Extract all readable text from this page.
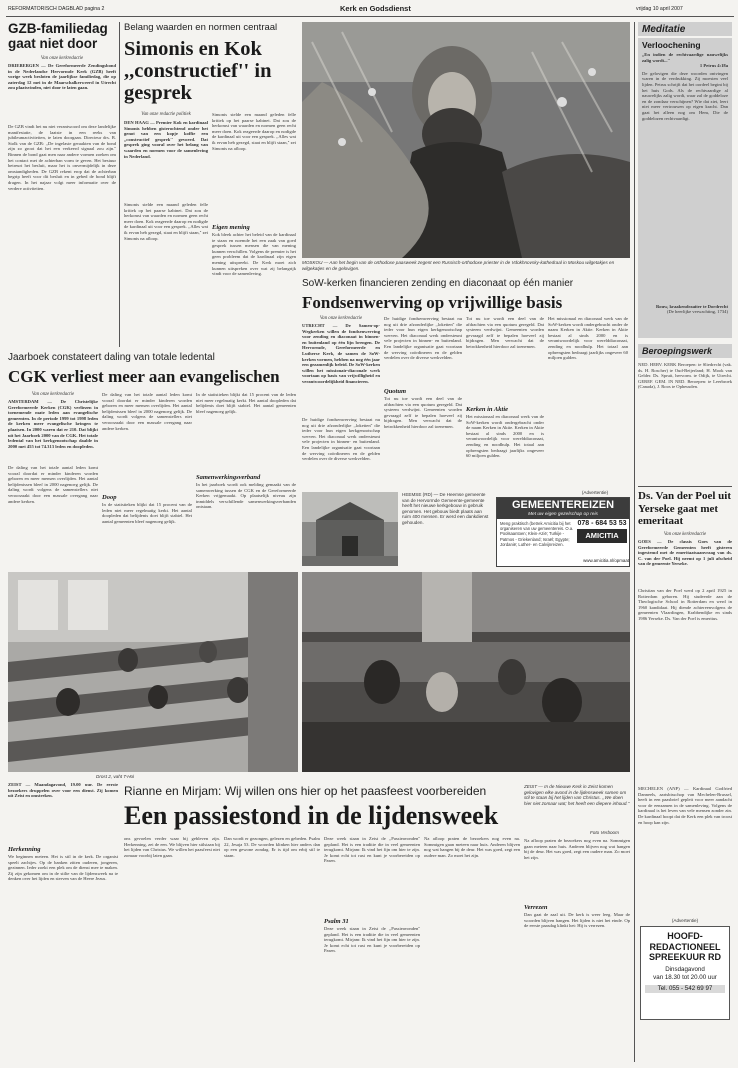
REFORMATORISCH DAGBLAD pagina 2	Kerk en Godsdienst	vrijdag 10 april 2007
GZB-familiedag gaat niet door
Van onze kerkredactie
DRIEBERGEN — De Gereformeerde Zendingsbond in de Nederlandse Hervormde Kerk (GZB) heeft vorige week besloten de jaarlijkse familiedag, die op zaterdag 12 mei in de Maarschalkerweerd in Utrecht zou plaatsvinden, niet door te laten gaan.
De GZB vindt het nu niet verantwoord om deze landelijke manifestatie, de laatste in een reeks van jubileumactiviteiten, te laten doorgaan. Directeur drs. B. Stolk van de GZB: ,,De ingelaste geraakten van de bond zijn zo groot dat het een verkeerd signaal zou zijn.'' Binnen de bond gaat men naar andere vormen zoeken om het contact met de achterban vorm te geven. Het bestuur betreurt het besluit, maar het is onvermijdelijk in deze omstandigheden. De GZB rekent erop dat de achterban begrip heeft voor dit besluit en in gebed de bond blijft dragen. In het najaar volgt meer informatie over de verdere activiteiten.
Belang waarden en normen centraal
Simonis en Kok ,,constructief'' in gesprek
Van onze redactie politiek
DEN HAAG — Premier Kok en kardinaal Simonis hebben gisterochtend onder het genot van een kopje koffie een ,,constructief gesprek'' gevoerd. Dat gesprek ging vooral over het belang van waarden en normen voor de samenleving in Nederland.
Simonis stelde een maand geleden felle kritiek op het paarse kabinet. Dat zou de herkomst van waarden en normen geen recht meer doen. Kok reageerde daarop en nodigde de kardinaal uit voor een gesprek. ,,Alles wat ik ervan heb gezegd, staat en blijft staan,'' zei Simonis na afloop.
Simonis stelde een maand geleden felle kritiek op het paarse kabinet. Dat zou de herkomst van waarden en normen geen recht meer doen. Kok reageerde daarop en nodigde de kardinaal uit voor een gesprek. ,,Alles wat ik ervan heb gezegd, staat en blijft staan,'' zei Simonis na afloop.
Eigen mening
Kok bleek achter het beleid van de kardinaal te staan en noemde het een zaak van goed gesprek tussen mensen die van mening kunnen verschillen. Volgens de premier is het geen probleem dat de kardinaal zijn eigen mening uitspreekt. De Kerk moet zich kunnen uitspreken over wat zij belangrijk vindt voor de samenleving.
MOSKOU — Aan het begin van de orthodoxe paasweek zegent een Russisch-orthodoxe priester in de Vdokhnovsky-kathedraal in Moskou wilgetakjes en wilgekatjes en de gelovigen.
SoW-kerken financieren zending en diaconaat op één manier
Fondsenwerving op vrijwillige basis
Van onze kerkredactie
UTRECHT — De Samen-op-Wegkerken willen de fondsenwerving voor zending en diaconaat in binnen- en buitenland op één lijn brengen. De Hervormde, Gereformeerde en Lutherse Kerk, de samen de SoW-kerken vormen, hebben na nog één jaar een gezamenlijk beleid. De SoW-kerken willen het missionair-diaconale werk voortaan op basis van vrijwilligheid en verantwoordelijkheid financieren.
De huidige fondsenwerving bestaat nu nog uit drie afzonderlijke ,,loketten'' die ieder voor hun eigen kerkgenootschap werven. Het diaconaal werk ondersteunt vele projecten in binnen- en buitenland. Een landelijke organisatie gaat voortaan de werving coördineren en de gelden verdelen over de diverse werkvelden.
De huidige fondsenwerving bestaat nu nog uit drie afzonderlijke ,,loketten'' die ieder voor hun eigen kerkgenootschap werven. Het diaconaal werk ondersteunt vele projecten in binnen- en buitenland. Een landelijke organisatie gaat voortaan de werving coördineren en de gelden verdelen over de diverse werkvelden.
Quotum
Tot nu toe wordt een deel van de afdrachten via een quotum geregeld. Dat systeem verdwijnt. Gemeenten worden gevraagd zelf te bepalen hoeveel zij bijdragen. Men verwacht dat de betrokkenheid hierdoor zal toenemen.
Tot nu toe wordt een deel van de afdrachten via een quotum geregeld. Dat systeem verdwijnt. Gemeenten worden gevraagd zelf te bepalen hoeveel zij bijdragen. Men verwacht dat de betrokkenheid hierdoor zal toenemen.
Kerken in Aktie
Het missionaal en diaconaal werk van de SoW-kerken wordt ondergebracht onder de naam Kerken in Aktie. Kerken in Aktie bestaat al sinds 2000 en is verantwoordelijk voor werelddiaconaat, zending en noodhulp. Het totaal aan opbrengsten bedraagt jaarlijks ongeveer 60 miljoen gulden.
Het missionaal en diaconaal werk van de SoW-kerken wordt ondergebracht onder de naam Kerken in Aktie. Kerken in Aktie bestaat al sinds 2000 en is verantwoordelijk voor werelddiaconaat, zending en noodhulp. Het totaal aan opbrengsten bedraagt jaarlijks ongeveer 60 miljoen gulden.
Jaarboek constateert daling van totale ledental
CGK verliest meer aan evangelischen
Van onze kerkredactie
AMSTERDAM — De Christelijke Gereformeerde Kerken (CGK) verliezen in toenemende mate leden aan evangelische gemeenten. In de periode 1999 tot 1998 leden de kerken meer evangelische kringen te plaatsen. In 2000 waren dat er 210. Dat blijkt uit het Jaarboek 2000 van de CGK. Het totale ledental van het kerkgenootschap daalde in 2000 met 455 tot 74.313 leden en doopleden.
De daling van het totale aantal leden komt vooral doordat er minder kinderen worden geboren en meer mensen overlijden. Het aantal belijdenissen bleef in 2000 nagenoeg gelijk. De daling wordt volgens de samenstellers niet veroorzaakt door een massale overgang naar andere kerken.
De daling van het totale aantal leden komt vooral doordat er minder kinderen worden geboren en meer mensen overlijden. Het aantal belijdenissen bleef in 2000 nagenoeg gelijk. De daling wordt volgens de samenstellers niet veroorzaakt door een massale overgang naar andere kerken.
Doop
In de statistieken blijkt dat 15 procent van de leden niet meer regelmatig kerkt. Het aantal doopleden dat belijdenis doet blijft stabiel. Het aantal gemeenten bleef nagenoeg gelijk.
In de statistieken blijkt dat 15 procent van de leden niet meer regelmatig kerkt. Het aantal doopleden dat belijdenis doet blijft stabiel. Het aantal gemeenten bleef nagenoeg gelijk.
Samenwerkingsverband
In het jaarboek wordt ook melding gemaakt van de samenwerking tussen de CGK en de Gereformeerde Kerken vrijgemaakt. Op plaatselijk niveau zijn inmiddels verschillende samenwerkingsverbanden ontstaan.
HEEMSE (RD) — De Heemse gemeente van de Hervormde Gemeente-gemeente heeft het nieuwe kerkgebouw in gebruik genomen. Het gebouw biedt plaats aan ruim 400 mensen. Er werd een dankdienst gehouden.
(Advertentie)
GEMEENTEREIZEN
Met uw eigen gezelschap op reis
Meng praktisch (betrek Amicitia bij het organiseren van uw gemeentereis. O.a. Poolsaantoen; Klein-Azië; Turkije - Patmos - Griekenland; Israël; Egypte; Jordanië; Luther- en Calvijnreizen.
078 - 684 53 53
AMICITIA
www.amicitia.nl/opmaat
Drost 2, vaht T-Hol
Rianne en Mirjam: Wij willen ons hier op het paasfeest voorbereiden
Een passiestond in de lijdensweek
ZEIST — Maandagavond, 19.00 uur. De eerste bezoekers druppelen over voor een dienst. Zij komen uit Zeist en omstreken.
Herkenning
We beginnen meteen. Het is stil in de kerk. De organist speelt zachtjes. Op de banken zitten ouderen, jongeren, gezinnen. Ieder zoekt een plek om de dienst mee te maken. Zij zijn gekomen om in de stilte van de lijdensweek na te denken over het lijden en sterven van de Heere Jezus.
ons gevoelen verder waar bij gebleven zijn. Herkenning, zei de een. We blijven hier stilstaan bij het lijden van Christus. We willen het paasfeest niet zomaar voorbij laten gaan.
Dan wordt er gezongen, gelezen en gebeden. Psalm 22, Jesaja 53. De woorden klinken hier anders dan op een gewone zondag. Er is tijd om erbij stil te staan.
Deze week staan in Zeist de ,,Passieavonden'' gepland. Het is een traditie die in veel gemeenten terugkomt. Mirjam: Ik vind het fijn om hier te zijn. Je komt echt tot rust en kunt je voorbereiden op Pasen.
Psalm 31
Deze week staan in Zeist de ,,Passieavonden'' gepland. Het is een traditie die in veel gemeenten terugkomt. Mirjam: Ik vind het fijn om hier te zijn. Je komt echt tot rust en kunt je voorbereiden op Pasen.
Na afloop praten de bezoekers nog even na. Sommigen gaan meteen naar huis. Anderen blijven nog wat hangen bij de deur. Het was goed, zegt een oudere man. Zo moet het zijn.
ZEIST — In de Nieuwe Kerk in Zeist komen gelovigen elke avond in de lijdensweek samen om stil te staan bij het lijden van Christus. ,,We doen hier niet zomaar wat; het heeft een diepere inhoud.''
Foto Verboom
Na afloop praten de bezoekers nog even na. Sommigen gaan meteen naar huis. Anderen blijven nog wat hangen bij de deur. Het was goed, zegt een oudere man. Zo moet het zijn.
Verrezen
Dan gaat de zaal uit. De kerk is weer leeg. Maar de woorden blijven hangen. Het lijden is niet het einde. Op de eerste paasdag klinkt het: Hij is verrezen.
Meditatie
Verloochening
,,En indien de rechtvaardige nauwelijks zalig wordt...''
1 Petrus 4:18a
De gelovigen die deze woorden ontvingen waren in de verdrukking. Zij moesten veel lijden. Petrus schrijft dat het oordeel begint bij het huis Gods. Als de rechtvaardige al nauwelijks zalig wordt, waar zal de goddeloze en de zondaar verschijnen? Wie dat ziet, leert niet meer vertrouwen op eigen kracht. Dan gaat het alleen nog om Hem, Die de goddelozen rechtvaardigt.
Rouw, kraakendraaiter te Dordrecht
(De heerlijke verwachting, 1734)
Beroepingswerk
NED. HERV. KERK Beroepen: te Sliedrecht (vak. ds. H. Roscher) te Oud-Beijerland; H. Mook van Gelder. Ds. Spruit, hervorm. te Odijk, te Utrecht. GEREF. GEM. IN NED. Beroepen: te Leerbroek (Canada), J. Roos te Opheusden.
Ds. Van der Poel uit Yerseke gaat met emeritaat
Van onze kerkredactie
GOES — De classis Goes van de Gereformeerde Gemeenten heeft gisteren ingestemd met de emeritaatsaanvraag van ds. C. van der Poel. Hij neemt op 1 juli afscheid van de gemeente Yerseke.
Christian van der Poel werd op 2 april 1925 in Rotterdam geboren. Hij studeerde aan de Theologische School in Rotterdam en werd in 1960 kandidaat. Hij diende achtereenvolgens de gemeenten Vlaardingen, Krabbendijke en sinds 1986 Yerseke. Ds. Van der Poel is emeritus.
MECHELEN (ANP) — Kardinaal Godfried Danneels, aartsbisschop van Mechelen-Brussel, heeft in een paasbrief gepleit voor meer aandacht voor de eenzamen in de samenleving. Volgens de kardinaal is het leven van vele mensen zonder zin. De kardinaal hoopt dat de Kerk een plek van troost en hoop kan zijn.
(Advertentie)
HOOFD-
REDACTIONEEL
SPREEKUUR RD
Dinsdagavond
van 18.30 tot 20.00 uur
Tel. 055 - 542 69 97
